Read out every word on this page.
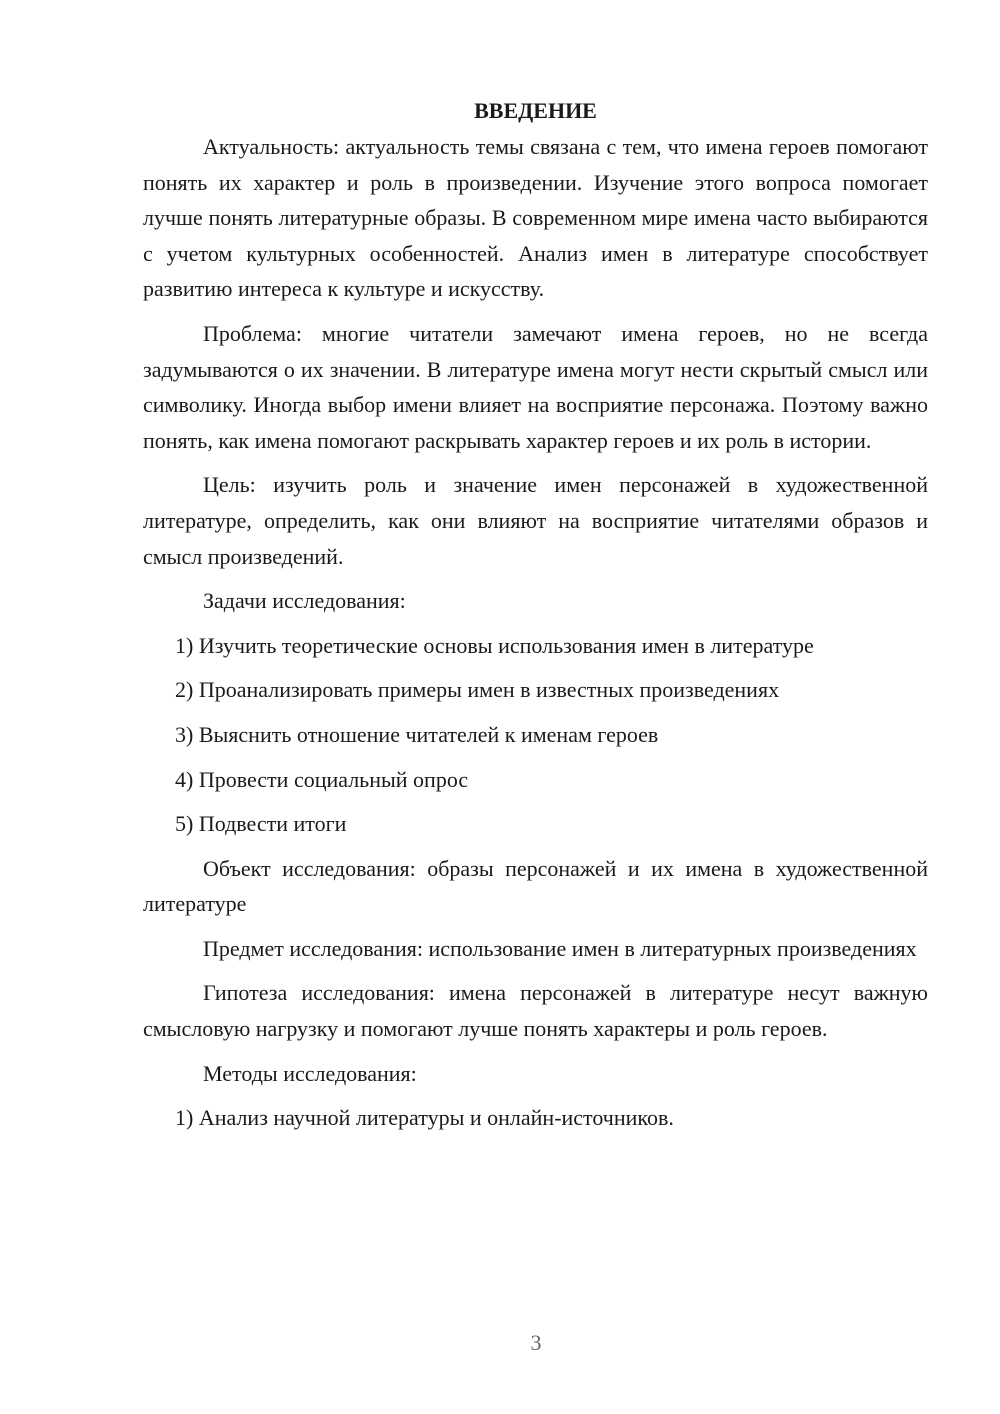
ВВЕДЕНИЕ

Актуальность: актуальность темы связана с тем, что имена героев помогают понять их характер и роль в произведении. Изучение этого вопроса помогает лучше понять литературные образы. В современном мире имена часто выбираются с учетом культурных особенностей. Анализ имен в литературе способствует развитию интереса к культуре и искусству.

Проблема: многие читатели замечают имена героев, но не всегда задумываются о их значении. В литературе имена могут нести скрытый смысл или символику. Иногда выбор имени влияет на восприятие персонажа. Поэтому важно понять, как имена помогают раскрывать характер героев и их роль в истории.

Цель: изучить роль и значение имен персонажей в художественной литературе, определить, как они влияют на восприятие читателями образов и смысл произведений.

Задачи исследования:
1) Изучить теоретические основы использования имен в литературе
2) Проанализировать примеры имен в известных произведениях
3) Выяснить отношение читателей к именам героев
4) Провести социальный опрос
5) Подвести итоги

Объект исследования: образы персонажей и их имена в художественной литературе

Предмет исследования: использование имен в литературных произведениях

Гипотеза исследования: имена персонажей в литературе несут важную смысловую нагрузку и помогают лучше понять характеры и роль героев.

Методы исследования:
1) Анализ научной литературы и онлайн-источников.
3
